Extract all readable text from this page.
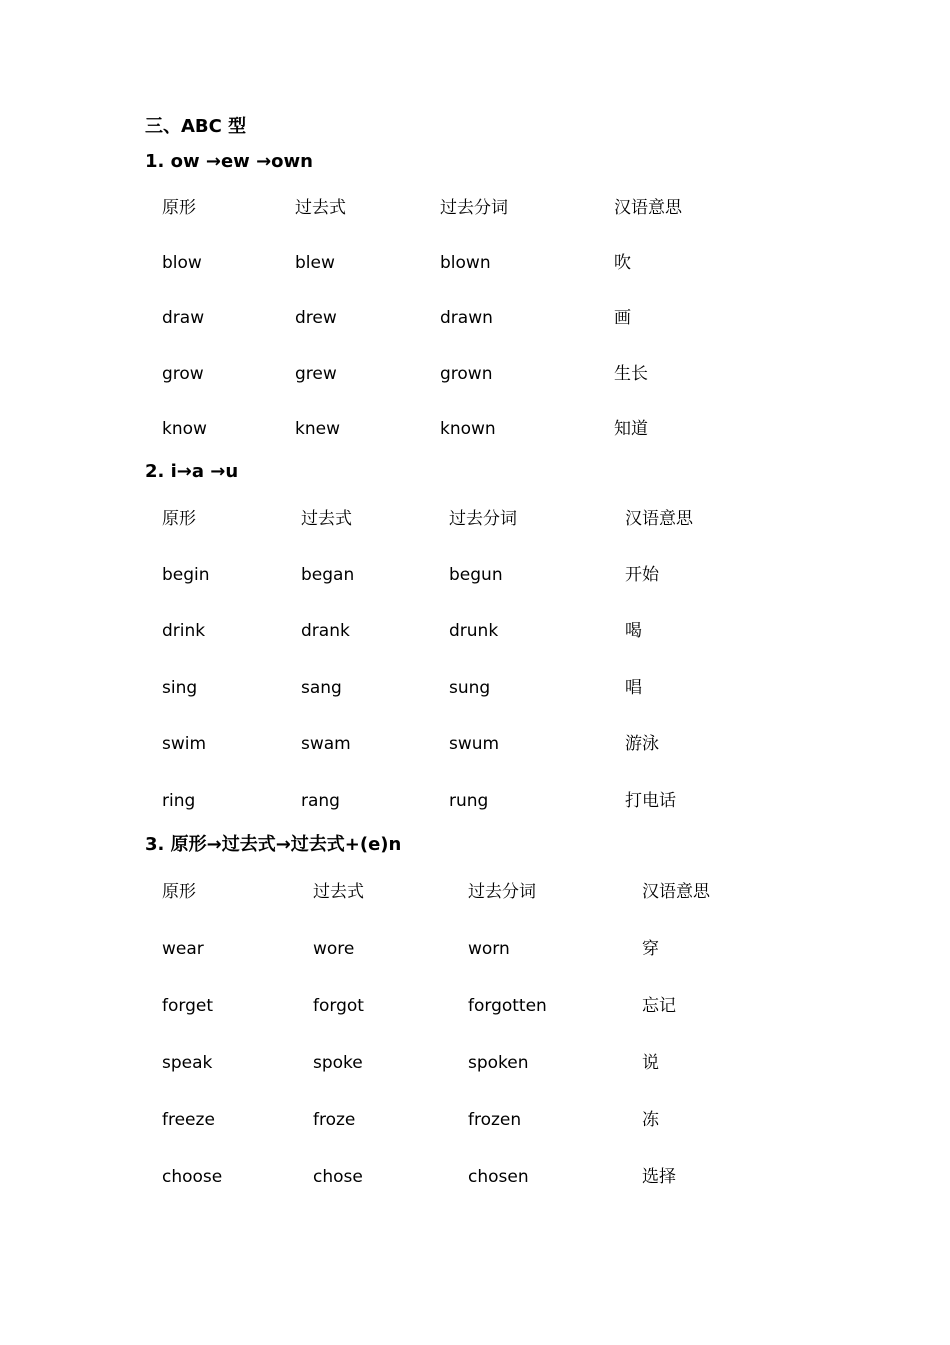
三、ABC 型
1. ow →ew →own
原形	过去式	过去分词	汉语意思
blow	blew	blown	吹
draw	drew	drawn	画
grow	grew	grown	生长
know	knew	known	知道
2. i→a →u
原形	过去式	过去分词	汉语意思
begin	began	begun	开始
drink	drank	drunk	喝
sing	sang	sung	唱
swim	swam	swum	游泳
ring	rang	rung	打电话
3. 原形→过去式→过去式+(e)n
原形	过去式	过去分词	汉语意思
wear	wore	worn	穿
forget	forgot	forgotten	忘记
speak	spoke	spoken	说
freeze	froze	frozen	冻
choose	chose	chosen	选择
